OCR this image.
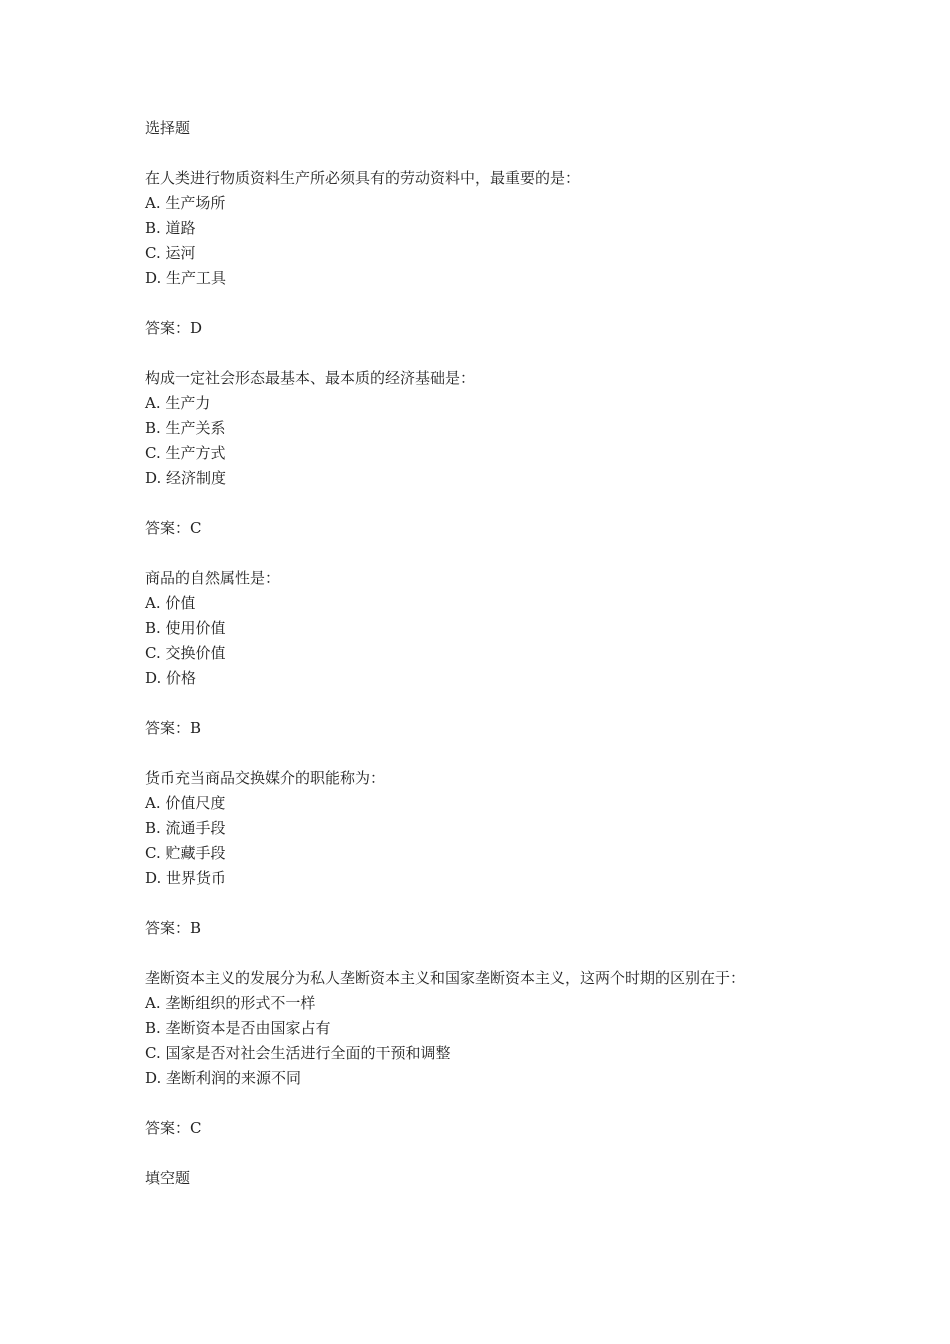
选择题
在人类进行物质资料生产所必须具有的劳动资料中，最重要的是：
A. 生产场所
B. 道路
C. 运河
D. 生产工具
答案：D
构成一定社会形态最基本、最本质的经济基础是：
A. 生产力
B. 生产关系
C. 生产方式
D. 经济制度
答案：C
商品的自然属性是：
A. 价值
B. 使用价值
C. 交换价值
D. 价格
答案：B
货币充当商品交换媒介的职能称为：
A. 价值尺度
B. 流通手段
C. 贮藏手段
D. 世界货币
答案：B
垄断资本主义的发展分为私人垄断资本主义和国家垄断资本主义，这两个时期的区别在于：
A. 垄断组织的形式不一样
B. 垄断资本是否由国家占有
C. 国家是否对社会生活进行全面的干预和调整
D. 垄断利润的来源不同
答案：C
填空题
